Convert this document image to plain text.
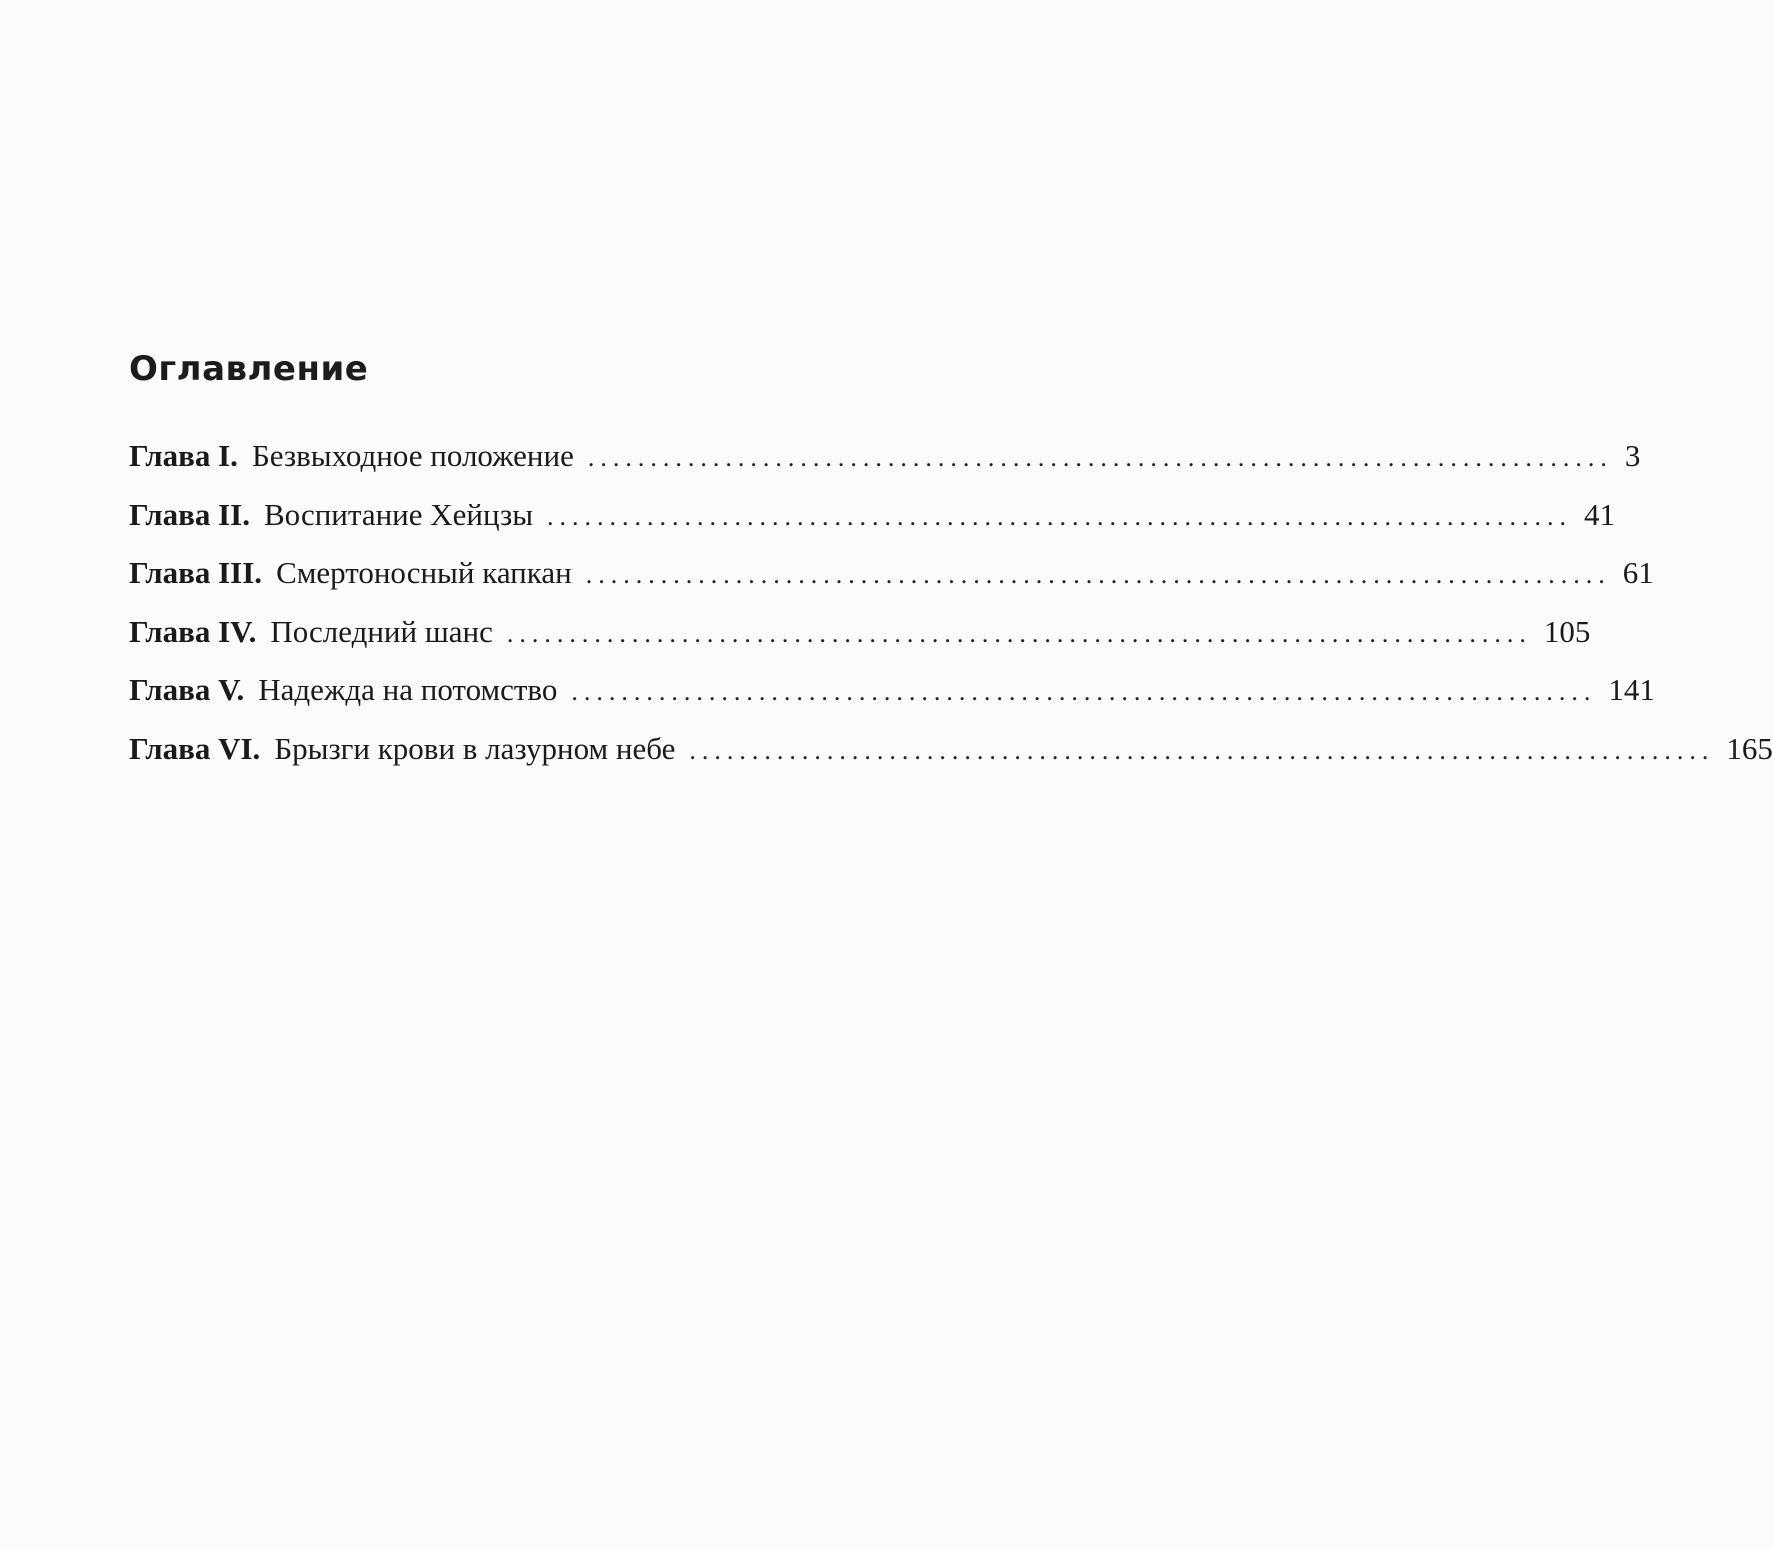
Оглавление
Глава I. Безвыходное положение .................................................................................. 3
Глава II. Воспитание Хейцзы .................................................................................. 41
Глава III. Смертоносный капкан .................................................................................. 61
Глава IV. Последний шанс .................................................................................. 105
Глава V. Надежда на потомство .................................................................................. 141
Глава VI. Брызги крови в лазурном небе .................................................................................. 165
